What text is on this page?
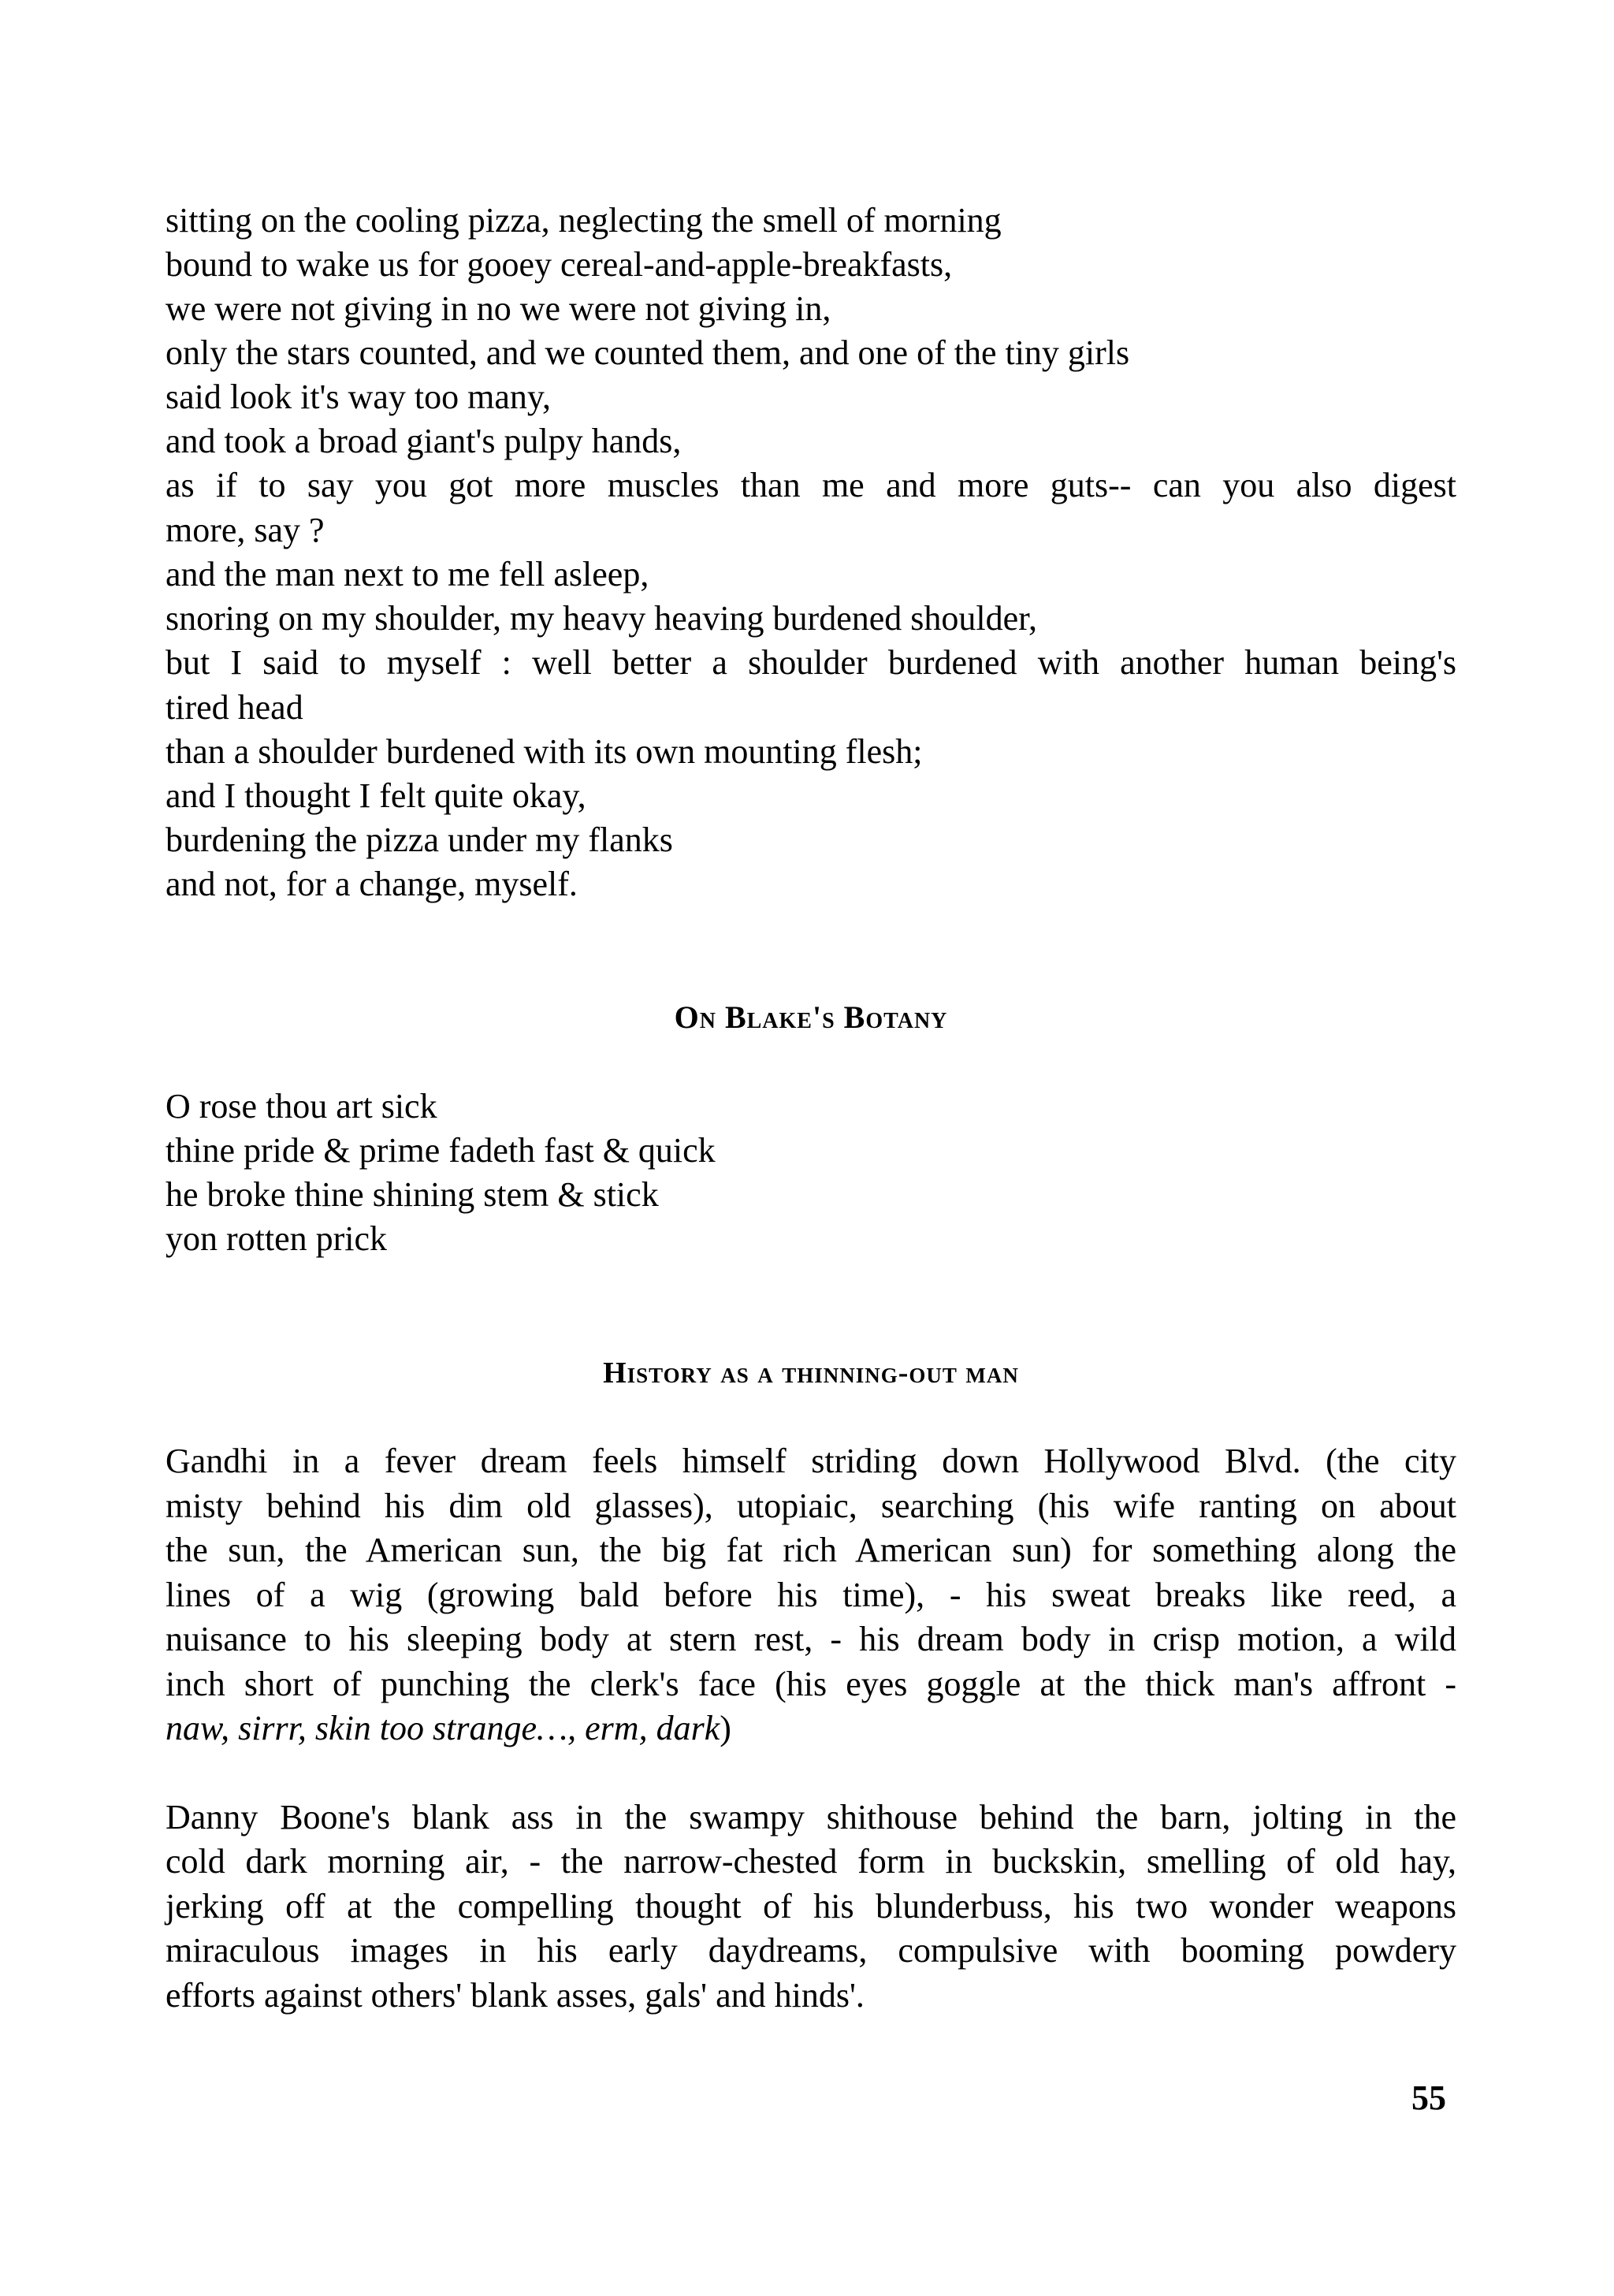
sitting on the cooling pizza, neglecting the smell of morning

bound to wake us for gooey cereal-and-apple-breakfasts,

we were not giving in no we were not giving in,

only the stars counted, and we counted them, and one of the tiny girls

said look it's way too many,

and took a broad giant's pulpy hands,

as if to say you got more muscles than me and more guts-- can you also digest
more, say ?

and the man next to me fell asleep,

snoring on my shoulder, my heavy heaving burdened shoulder,

but I said to myself : well better a shoulder burdened with another human being's
tired head

than a shoulder burdened with its own mounting flesh;

and I thought I felt quite okay,

burdening the pizza under my flanks

and not, for a change, myself.

On Blake's Botany

O rose thou art sick

thine pride & prime fadeth fast & quick

he broke thine shining stem & stick

yon rotten prick

History as a thinning-out man
Gandhi in a fever dream feels himself striding down Hollywood Blvd. (the city
misty behind his dim old glasses), utopiaic, searching (his wife ranting on about
the sun, the American sun, the big fat rich American sun) for something along the
lines of a wig (growing bald before his time), - his sweat breaks like reed, a
nuisance to his sleeping body at stern rest, - his dream body in crisp motion, a wild
inch short of punching the clerk's face (his eyes goggle at the thick man's affront -
naw, sirrr, skin too strange…, erm, dark)
Danny Boone's blank ass in the swampy shithouse behind the barn, jolting in the
cold dark morning air, - the narrow-chested form in buckskin, smelling of old hay,
jerking off at the compelling thought of his blunderbuss, his two wonder weapons
miraculous images in his early daydreams, compulsive with booming powdery
efforts against others' blank asses, gals' and hinds'.
55
